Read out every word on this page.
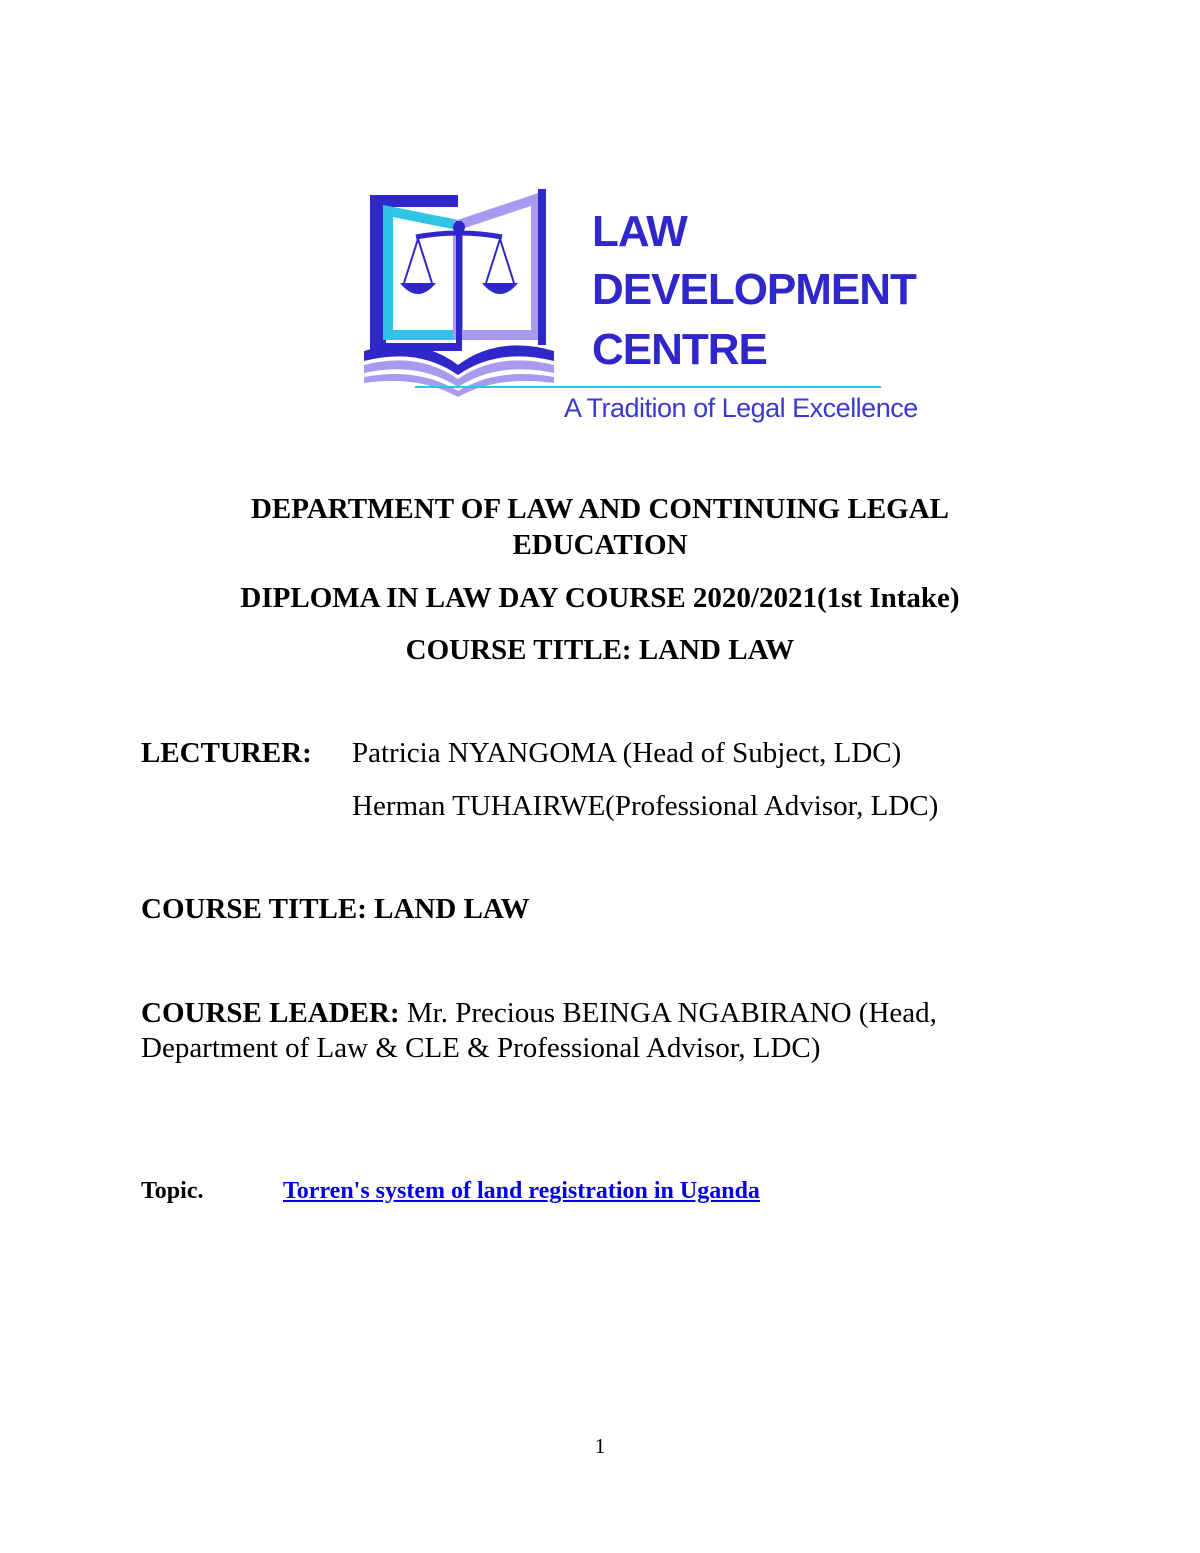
LAW
DEVELOPMENT
CENTRE
A Tradition of Legal Excellence
DEPARTMENT OF LAW AND CONTINUING LEGAL
EDUCATION
DIPLOMA IN LAW DAY COURSE 2020/2021(1st Intake)
COURSE TITLE: LAND LAW
LECTURER: Patricia NYANGOMA (Head of Subject, LDC)
Herman TUHAIRWE(Professional Advisor, LDC)
COURSE TITLE: LAND LAW
COURSE LEADER: Mr. Precious BEINGA NGABIRANO (Head,
Department of Law & CLE & Professional Advisor, LDC)
Topic.	Torren's system of land registration in Uganda
1
